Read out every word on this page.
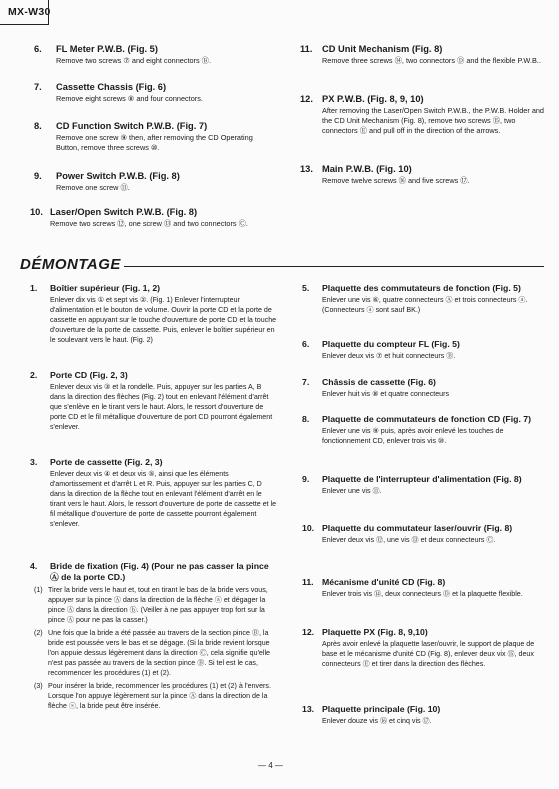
MX-W30
6.	FL Meter P.W.B. (Fig. 5)
Remove two screws ⑦ and eight connectors Ⓑ.
7.	Cassette Chassis (Fig. 6)
Remove eight screws ⑧ and four connectors.
8.	CD Function Switch P.W.B. (Fig. 7)
Remove one screw ⑨ then, after removing the CD Operating Button, remove three screws ⑩.
9.	Power Switch P.W.B. (Fig. 8)
Remove one screw ⑪.
10. Laser/Open Switch P.W.B. (Fig. 8)
Remove two screws ⑫, one screw ⑬ and two connectors Ⓒ.
11.	CD Unit Mechanism (Fig. 8)
Remove three screws ⑭, two connectors Ⓓ and the flexible P.W.B..
12. PX P.W.B. (Fig. 8, 9, 10)
After removing the Laser/Open Switch P.W.B., the P.W.B. Holder and the CD Unit Mechanism (Fig. 8), remove two screws ⑮, two connectors Ⓔ and pull off in the direction of the arrows.
13. Main P.W.B. (Fig. 10)
Remove twelve screws ⑯ and five screws ⑰.
DÉMONTAGE
1.	Boîtier supérieur (Fig. 1, 2)
Enlever dix vis ① et sept vis ②. (Fig. 1) Enlever l'interrupteur d'alimentation et le bouton de volume. Ouvrir la porte CD et la porte de cassette en appuyant sur le touche d'ouverture de porte CD et la touche d'ouverture de la porte de cassette. Puis, enlever le boîtier supérieur en le soulevant vers le haut. (Fig. 2)
2.	Porte CD (Fig. 2, 3)
Enlever deux vis ③ et la rondelle. Puis, appuyer sur les parties A, B dans la direction des flèches (Fig. 2) tout en enlevant l'élément d'arrêt que s'enlève en le tirant vers le haut. Alors, le ressort d'ouverture de porte CD et le fil métallique d'ouverture de port CD pourront également s'enlever.
3.	Porte de cassette (Fig. 2, 3)
Enlever deux vis ④ et deux vis ⑤, ainsi que les éléments d'amortissement et d'arrêt L et R. Puis, appuyer sur les parties C, D dans la direction de la flèche tout en enlevant l'élément d'arrêt en le tirant vers le haut. Alors, le ressort d'ouverture de porte de cassette et le fil métallique d'ouverture de porte de cassette pourront également s'enlever.
4.	Bride de fixation (Fig. 4) (Pour ne pas casser la pince Ⓐ de la porte CD.)
(1) Tirer la bride vers le haut et, tout en tirant le bas de la bride vers vous, appuyer sur la pince Ⓐ dans la direction de la flèche ⓐ et dégager la pince Ⓐ dans la direction ⓑ. (Veiller à ne pas appuyer trop fort sur la pince Ⓐ pour ne pas la casser.)
(2) Une fois que la bride a été passée au travers de la section pince Ⓑ, la bride est poussée vers le bas et se dégage. (Si la bride revient lorsque l'on appuie dessus légèrement dans la direction Ⓒ, cela signifie qu'elle n'est pas passée au travers de la section pince Ⓑ. Si tel est le cas, recommencer les procédures (1) et (2).
(3) Pour insérer la bride, recommencer les procédures (1) et (2) à l'envers. Lorsque l'on appuye légèrement sur la pince Ⓐ dans la direction de la flèche ⓢ, la bride peut être insérée.
5.	Plaquette des commutateurs de fonction (Fig. 5)
Enlever une vis ⑥, quatre connecteurs Ⓐ et trois connecteurs ⓐ. (Connecteurs ⓐ sont sauf BK.)
6.	Plaquette du compteur FL (Fig. 5)
Enlever deux vis ⑦ et huit connecteurs Ⓑ.
7.	Châssis de cassette (Fig. 6)
Enlever huit vis ⑧ et quatre connecteurs
8.	Plaquette de commutateurs de fonction CD (Fig. 7)
Enlever une vis ⑨ puis, après avoir enlevé les touches de fonctionnement CD, enlever trois vis ⑩.
9.	Plaquette de l'interrupteur d'alimentation (Fig. 8)
Enlever une vis ⑪.
10. Plaquette du commutateur laser/ouvrir (Fig. 8)
Enlever deux vis ⑫, une vis ⑬ et deux connecteurs Ⓒ.
11. Mécanisme d'unité CD (Fig. 8)
Enlever trois vis ⑭, deux connecteurs Ⓓ et la plaquette flexible.
12. Plaquette PX (Fig. 8, 9,10)
Après avoir enlevé la plaquette laser/ouvrir, le support de plaque de base et le mécanisme d'unité CD (Fig. 8), enlever deux vix ⑮, deux connecteurs Ⓔ et tirer dans la direction des flèches.
13. Plaquette principale (Fig. 10)
Enlever douze vis ⑯ et cinq vis ⑰.
— 4 —
